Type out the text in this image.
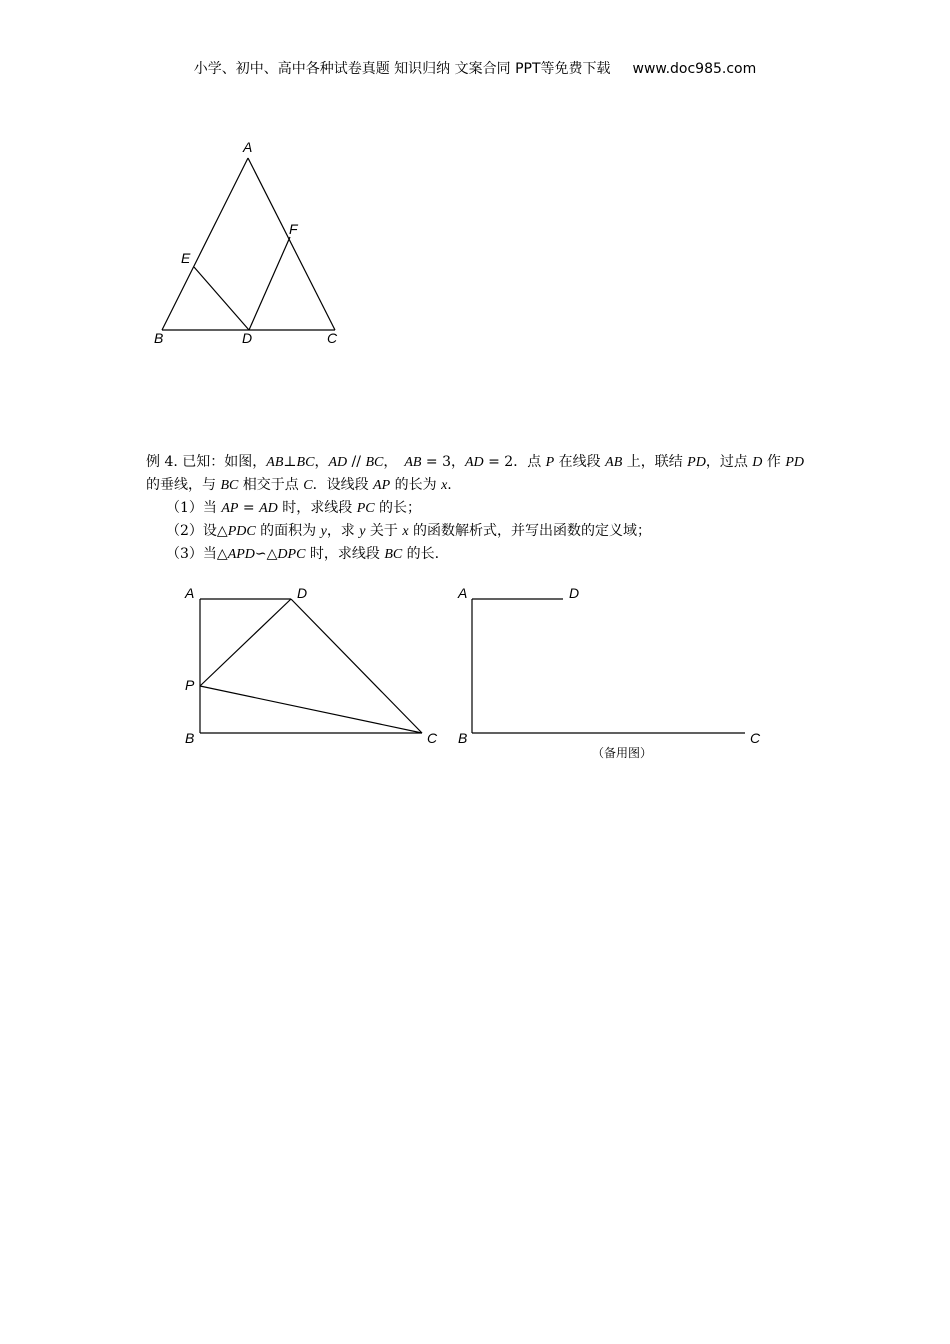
小学、初中、高中各种试卷真题 知识归纳 文案合同 PPT等免费下载 www.doc985.com
A
B	C
D
E
F
A	D
P
B	C
A	D
B	C
（备用图）

例 4. 已知：如图，AB⊥BC，AD // BC，　AB = 3，AD = 2．点 P 在线段 AB 上，联结 PD，过点 D 作 PD 的垂线，与 BC 相交于点 C．设线段 AP 的长为 x.

（1）当 AP = AD 时，求线段 PC 的长；

（2）设△PDC 的面积为 y，求 y 关于 x 的函数解析式，并写出函数的定义域；

（3）当△APD∽△DPC 时，求线段 BC 的长.
